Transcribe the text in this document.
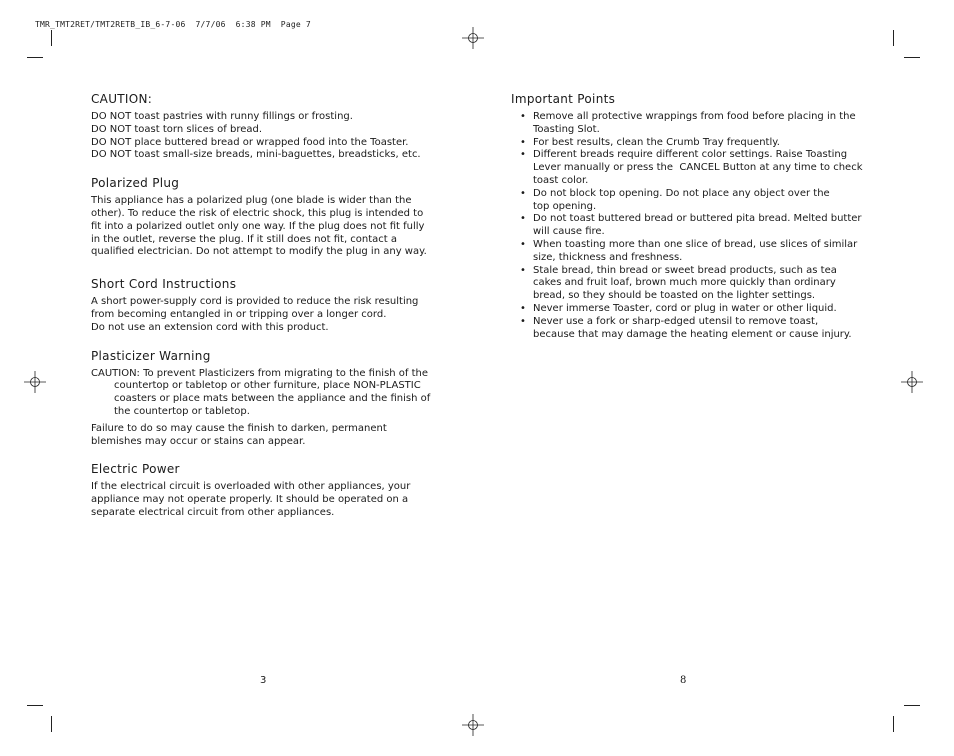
TMR_TMT2RET/TMT2RETB_IB_6-7-06  7/7/06  6:38 PM  Page 7
CAUTION:

DO NOT toast pastries with runny fillings or frosting.

DO NOT toast torn slices of bread.

DO NOT place buttered bread or wrapped food into the Toaster.

DO NOT toast small-size breads, mini-baguettes, breadsticks, etc.

Polarized Plug

This appliance has a polarized plug (one blade is wider than the other). To reduce the risk of electric shock, this plug is intended to fit into a polarized outlet only one way. If the plug does not fit fully in the outlet, reverse the plug. If it still does not fit, contact a qualified electrician. Do not attempt to modify the plug in any way.

Short Cord Instructions

A short power-supply cord is provided to reduce the risk resulting from becoming entangled in or tripping over a longer cord.

Do not use an extension cord with this product.

Plasticizer Warning

CAUTION: To prevent Plasticizers from migrating to the finish of the countertop or tabletop or other furniture, place NON-PLASTIC coasters or place mats between the appliance and the finish of the countertop or tabletop.

Failure to do so may cause the finish to darken, permanent blemishes may occur or stains can appear.

Electric Power

If the electrical circuit is overloaded with other appliances, your appliance may not operate properly. It should be operated on a separate electrical circuit from other appliances.

Important Points
• Remove all protective wrappings from food before placing in the
Toasting Slot.
• For best results, clean the Crumb Tray frequently.
• Different breads require different color settings. Raise Toasting
Lever manually or press the  CANCEL Button at any time to check
toast color.
• Do not block top opening. Do not place any object over the
top opening.
• Do not toast buttered bread or buttered pita bread. Melted butter
will cause fire.
• When toasting more than one slice of bread, use slices of similar
size, thickness and freshness.
• Stale bread, thin bread or sweet bread products, such as tea
cakes and fruit loaf, brown much more quickly than ordinary
bread, so they should be toasted on the lighter settings.
• Never immerse Toaster, cord or plug in water or other liquid.
• Never use a fork or sharp-edged utensil to remove toast,
because that may damage the heating element or cause injury.
3	8
